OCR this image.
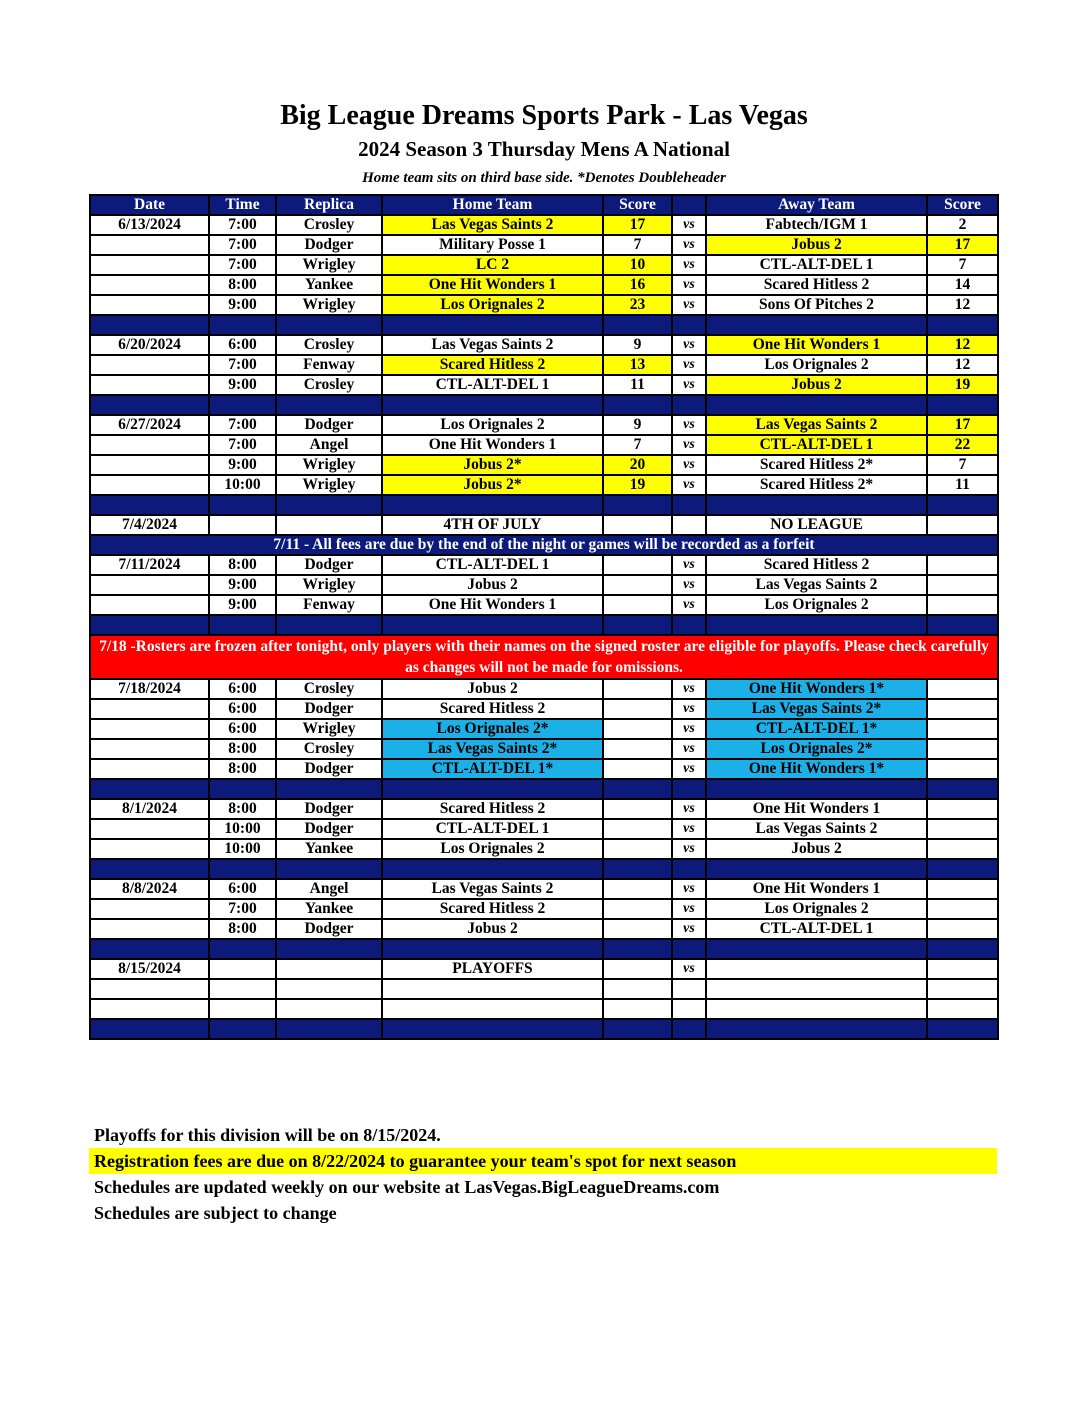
Big League Dreams Sports Park - Las Vegas
2024 Season 3 Thursday Mens A National
Home team sits on third base side. *Denotes Doubleheader
Date	Time	Replica	Home Team	Score		Away Team	Score
6/13/2024	7:00	Crosley	Las Vegas Saints 2	17	vs	Fabtech/IGM 1	2
	7:00	Dodger	Military Posse 1	7	vs	Jobus 2	17
	7:00	Wrigley	LC 2	10	vs	CTL-ALT-DEL 1	7
	8:00	Yankee	One Hit Wonders 1	16	vs	Scared Hitless 2	14
	9:00	Wrigley	Los Orignales 2	23	vs	Sons Of Pitches 2	12

6/20/2024	6:00	Crosley	Las Vegas Saints 2	9	vs	One Hit Wonders 1	12
	7:00	Fenway	Scared Hitless 2	13	vs	Los Orignales 2	12
	9:00	Crosley	CTL-ALT-DEL 1	11	vs	Jobus 2	19

6/27/2024	7:00	Dodger	Los Orignales 2	9	vs	Las Vegas Saints 2	17
	7:00	Angel	One Hit Wonders 1	7	vs	CTL-ALT-DEL 1	22
	9:00	Wrigley	Jobus 2*	20	vs	Scared Hitless 2*	7
	10:00	Wrigley	Jobus 2*	19	vs	Scared Hitless 2*	11

7/4/2024			4TH OF JULY			NO LEAGUE	
7/11 - All fees are due by the end of the night or games will be recorded as a forfeit							
7/11/2024	8:00	Dodger	CTL-ALT-DEL 1		vs	Scared Hitless 2	
	9:00	Wrigley	Jobus 2		vs	Las Vegas Saints 2	
	9:00	Fenway	One Hit Wonders 1		vs	Los Orignales 2	

7/18 -Rosters are frozen after tonight, only players with their names on the signed roster are eligible for playoffs. Please check carefully as changes will not be made for omissions.							
7/18/2024	6:00	Crosley	Jobus 2		vs	One Hit Wonders 1*	
	6:00	Dodger	Scared Hitless 2		vs	Las Vegas Saints 2*	
	6:00	Wrigley	Los Orignales 2*		vs	CTL-ALT-DEL 1*	
	8:00	Crosley	Las Vegas Saints 2*		vs	Los Orignales 2*	
	8:00	Dodger	CTL-ALT-DEL 1*		vs	One Hit Wonders 1*	

8/1/2024	8:00	Dodger	Scared Hitless 2		vs	One Hit Wonders 1	
	10:00	Dodger	CTL-ALT-DEL 1		vs	Las Vegas Saints 2	
	10:00	Yankee	Los Orignales 2		vs	Jobus 2	

8/8/2024	6:00	Angel	Las Vegas Saints 2		vs	One Hit Wonders 1	
	7:00	Yankee	Scared Hitless 2		vs	Los Orignales 2	
	8:00	Dodger	Jobus 2		vs	CTL-ALT-DEL 1	

8/15/2024			PLAYOFFS		vs		

Playoffs for this division will be on 8/15/2024.
Registration fees are due on 8/22/2024 to guarantee your team's spot for next season
Schedules are updated weekly on our website at LasVegas.BigLeagueDreams.com
Schedules are subject to change
